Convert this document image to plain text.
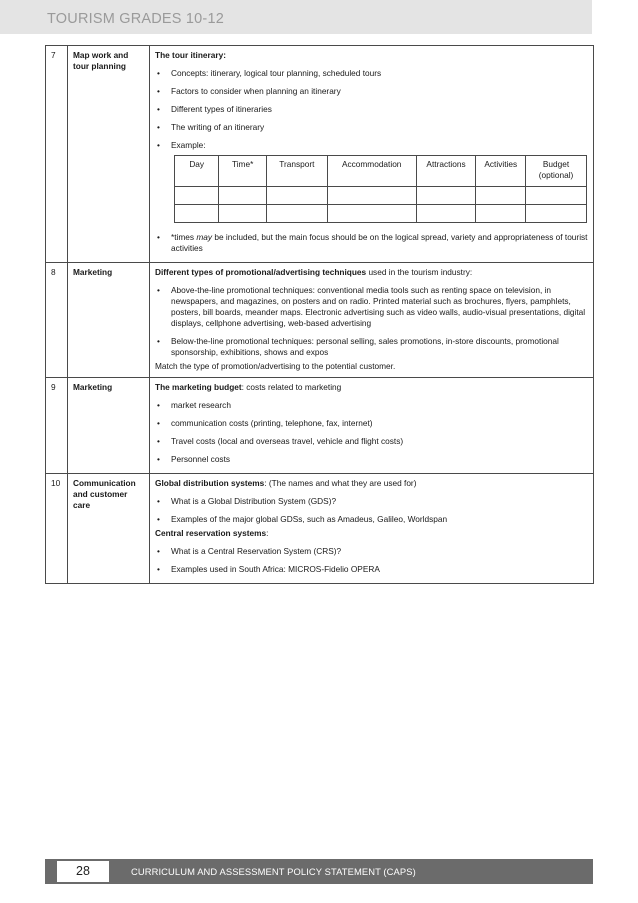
TOURISM GRADES 10-12
7	Map work and tour planning	
The tour itinerary:
• Concepts: itinerary, logical tour planning, scheduled tours
• Factors to consider when planning an itinerary
• Different types of itineraries
• The writing of an itinerary
• Example:
Day	Time*	Transport	Accommodation	Attractions	Activities	Budget (optional)

• *times may be included, but the main focus should be on the logical spread, variety and appropriateness of tourist activities

8	Marketing	Different types of promotional/advertising techniques used in the tourism industry:
• Above-the-line promotional techniques: conventional media tools such as renting space on television, in newspapers, and magazines, on posters and on radio. Printed material such as brochures, flyers, pamphlets, posters, bill boards, meander maps. Electronic advertising such as video walls, audio-visual presentations, digital displays, cellphone advertising, web-based advertising
• Below-the-line promotional techniques: personal selling, sales promotions, in-store discounts, promotional sponsorship, exhibitions, shows and expos
Match the type of promotion/advertising to the potential customer.

9	Marketing	The marketing budget: costs related to marketing
• market research
• communication costs (printing, telephone, fax, internet)
• Travel costs (local and overseas travel, vehicle and flight costs)
• Personnel costs

10	Communication and customer care	
Global distribution systems: (The names and what they are used for)
• What is a Global Distribution System (GDS)?
• Examples of the major global GDSs, such as Amadeus, Galileo, Worldspan
Central reservation systems:
• What is a Central Reservation System (CRS)?
• Examples used in South Africa: MICROS-Fidelio OPERA
28	CURRICULUM AND ASSESSMENT POLICY STATEMENT (CAPS)
